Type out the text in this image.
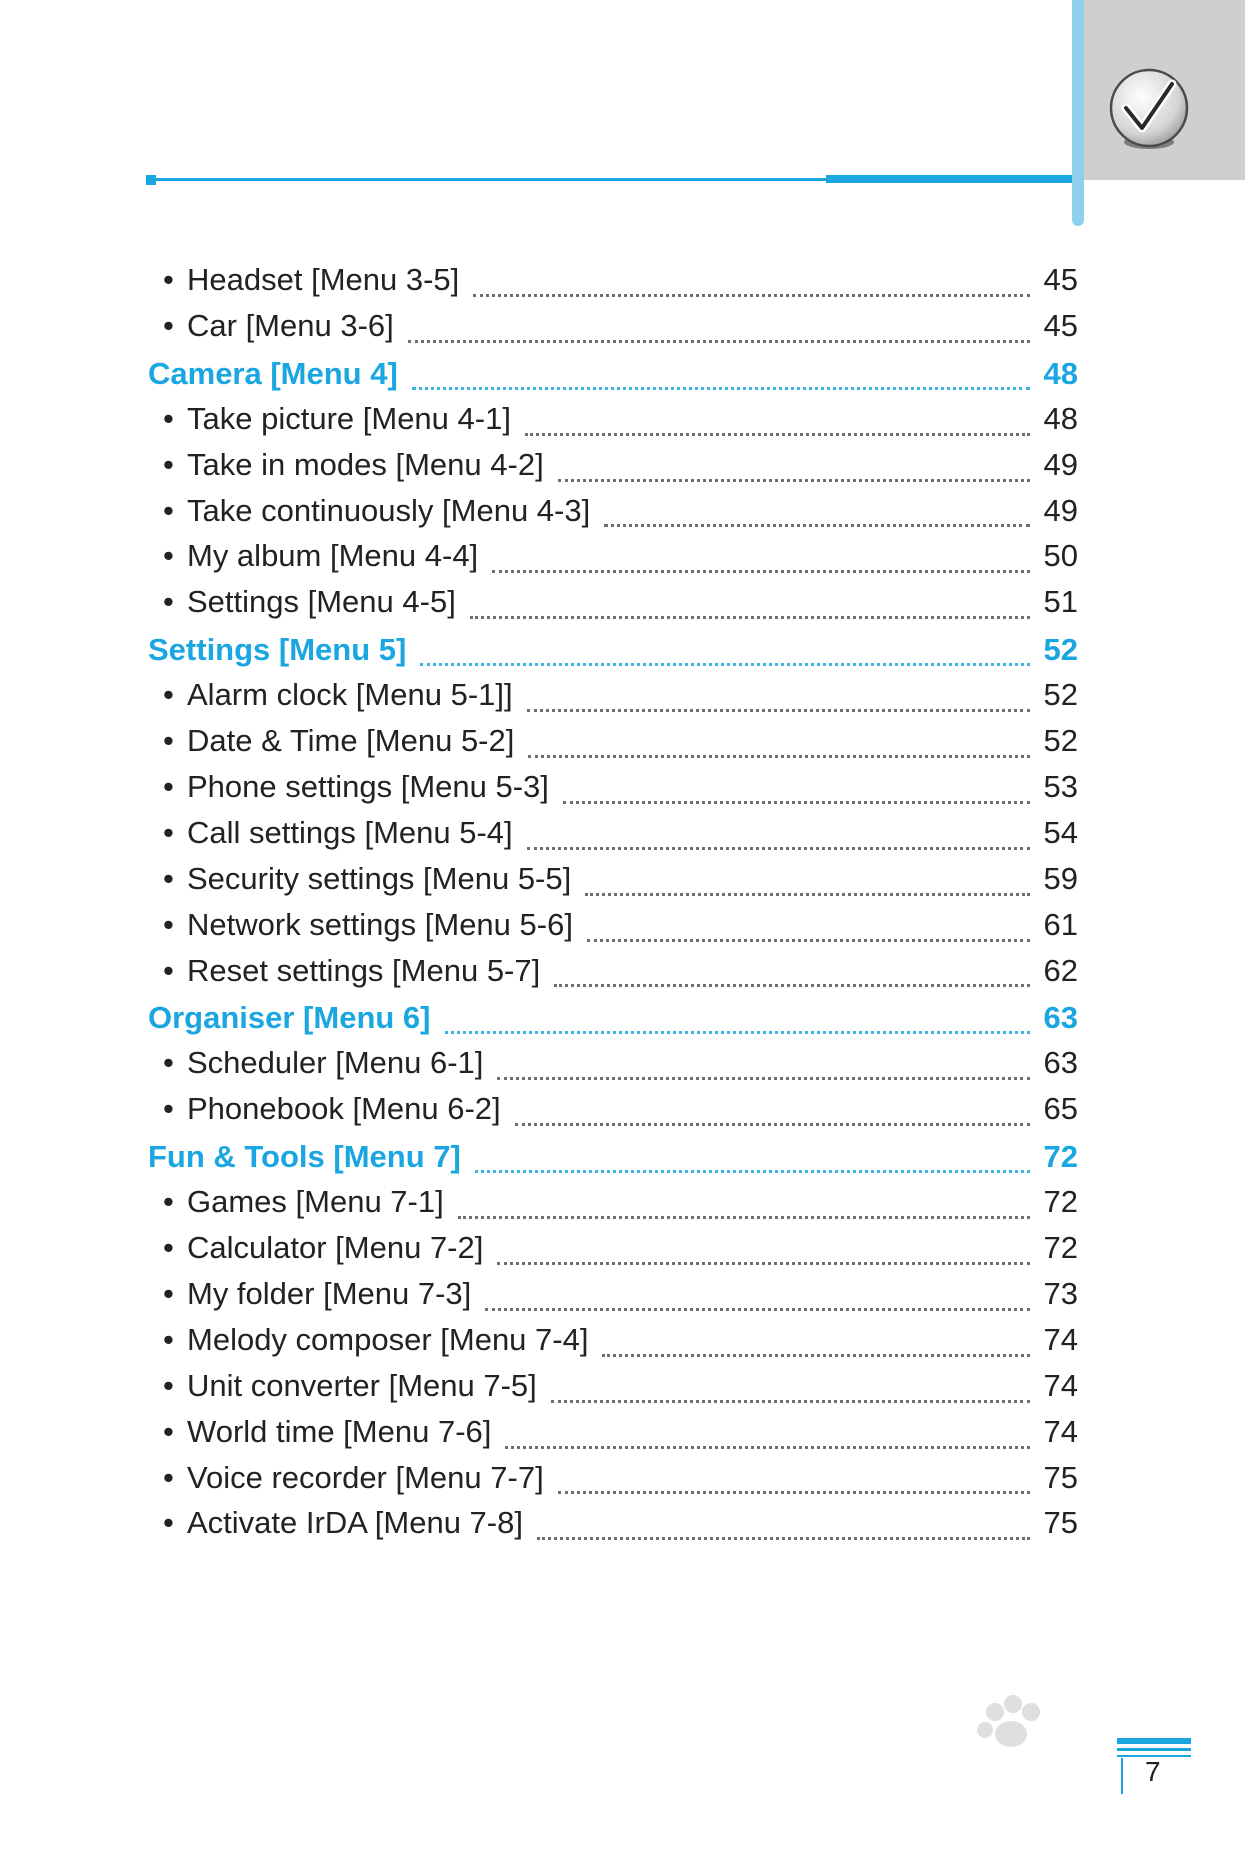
• Headset [Menu 3-5]	45
• Car [Menu 3-6]	45
Camera [Menu 4]	48
• Take picture [Menu 4-1]	48
• Take in modes [Menu 4-2]	49
• Take continuously [Menu 4-3]	49
• My album [Menu 4-4]	50
• Settings [Menu 4-5]	51
Settings [Menu 5]	52
• Alarm clock [Menu 5-1]]	52
• Date & Time [Menu 5-2]	52
• Phone settings [Menu 5-3]	53
• Call settings [Menu 5-4]	54
• Security settings [Menu 5-5]	59
• Network settings [Menu 5-6]	61
• Reset settings [Menu 5-7]	62
Organiser [Menu 6]	63
• Scheduler [Menu 6-1]	63
• Phonebook [Menu 6-2]	65
Fun & Tools [Menu 7]	72
• Games [Menu 7-1]	72
• Calculator [Menu 7-2]	72
• My folder [Menu 7-3]	73
• Melody composer [Menu 7-4]	74
• Unit converter [Menu 7-5]	74
• World time [Menu 7-6]	74
• Voice recorder [Menu 7-7]	75
• Activate IrDA [Menu 7-8]	75
7
